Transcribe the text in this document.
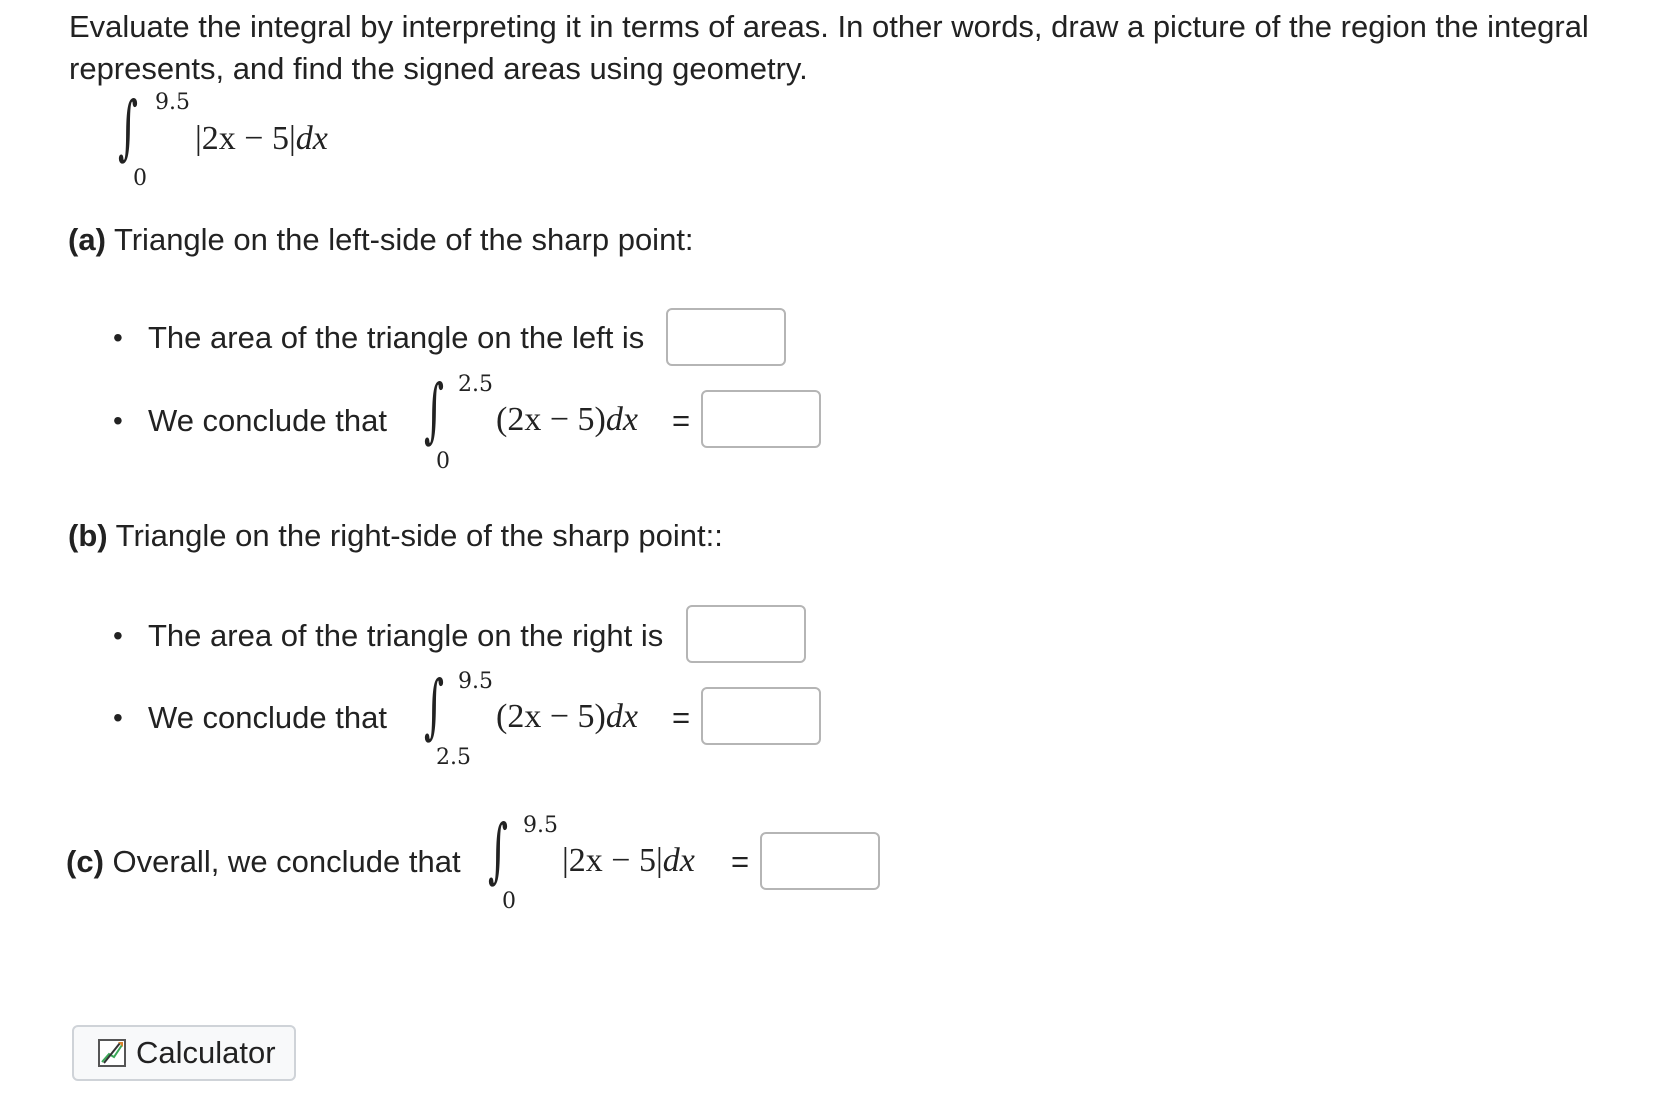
Evaluate the integral by interpreting it in terms of areas. In other words, draw a picture of the region the integral represents, and find the signed areas using geometry.

∫ 9.5
0
|2x − 5|dx
(a) Triangle on the left-side of the sharp point:
• The area of the triangle on the left is
• We conclude that ∫ 2.5
0
(2x − 5)dx =
(b) Triangle on the right-side of the sharp point::
• The area of the triangle on the right is
• We conclude that ∫ 9.5
2.5
(2x − 5)dx =
(c) Overall, we conclude that ∫ 9.5
0
|2x − 5|dx =
Calculator
